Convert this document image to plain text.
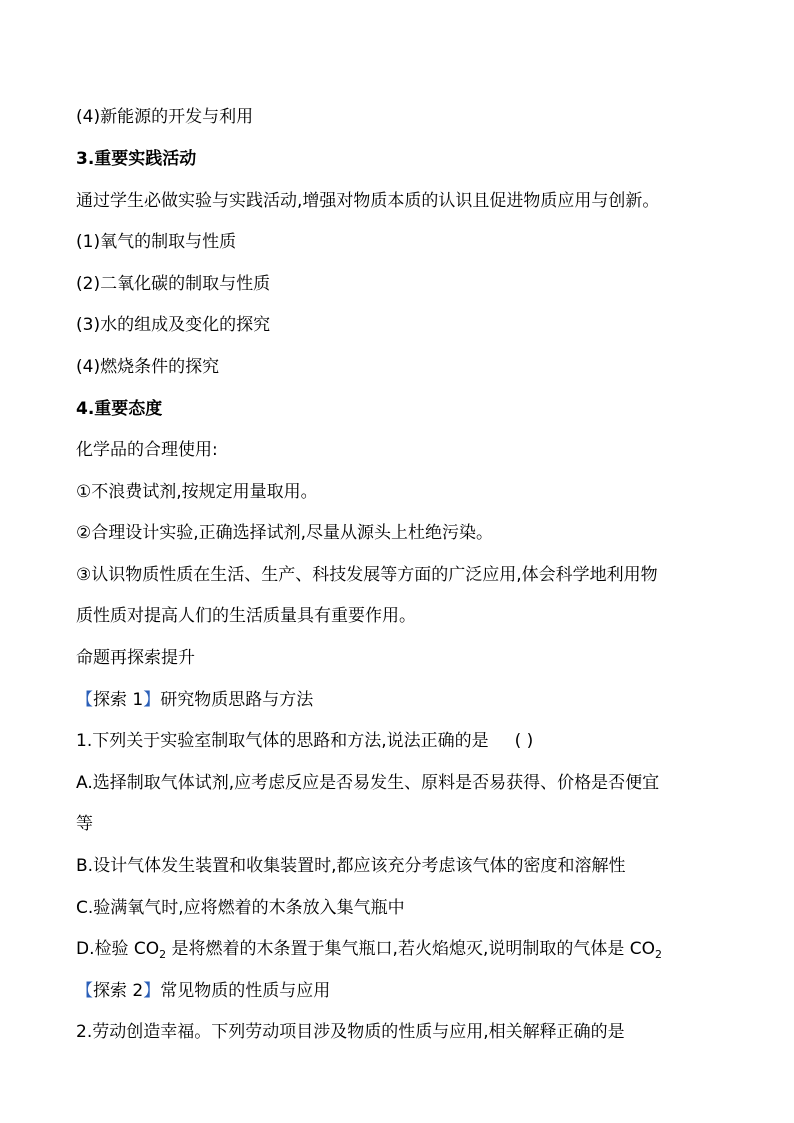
(4)新能源的开发与利用
3.重要实践活动
通过学生必做实验与实践活动,增强对物质本质的认识且促进物质应用与创新。
(1)氧气的制取与性质
(2)二氧化碳的制取与性质
(3)水的组成及变化的探究
(4)燃烧条件的探究
4.重要态度
化学品的合理使用:
①不浪费试剂,按规定用量取用。
②合理设计实验,正确选择试剂,尽量从源头上杜绝污染。
③认识物质性质在生活、生产、科技发展等方面的广泛应用,体会科学地利用物
质性质对提高人们的生活质量具有重要作用。
命题再探索提升
【探索 1】研究物质思路与方法
1.下列关于实验室制取气体的思路和方法,说法正确的是 ( )
A.选择制取气体试剂,应考虑反应是否易发生、原料是否易获得、价格是否便宜
等
B.设计气体发生装置和收集装置时,都应该充分考虑该气体的密度和溶解性
C.验满氧气时,应将燃着的木条放入集气瓶中
D.检验 $CO_2$ 是将燃着的木条置于集气瓶口,若火焰熄灭,说明制取的气体是 $CO_2$
【探索 2】常见物质的性质与应用
2.劳动创造幸福。下列劳动项目涉及物质的性质与应用,相关解释正确的是
